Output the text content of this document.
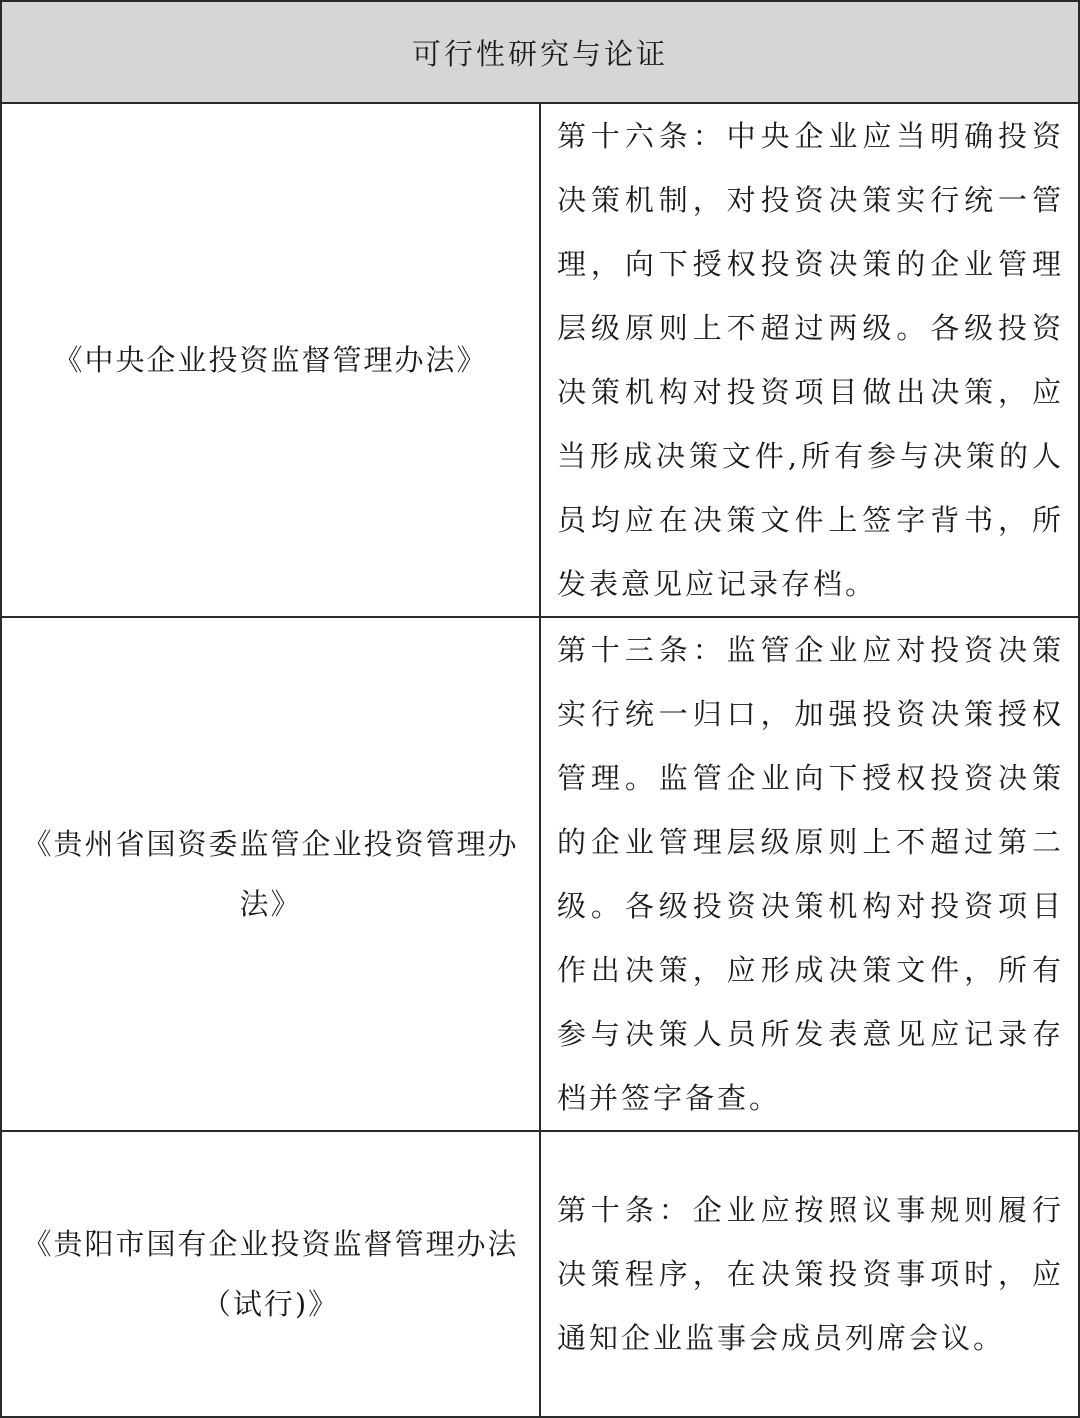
可行性研究与论证	
《中央企业投资监督管理办法》	第十六条：中央企业应当明确投资决策机制，对投资决策实行统一管理，向下授权投资决策的企业管理层级原则上不超过两级。各级投资决策机构对投资项目做出决策，应当形成决策文件,所有参与决策的人员均应在决策文件上签字背书，所发表意见应记录存档。
《贵州省国资委监管企业投资管理办法》	第十三条：监管企业应对投资决策实行统一归口，加强投资决策授权管理。监管企业向下授权投资决策的企业管理层级原则上不超过第二级。各级投资决策机构对投资项目作出决策，应形成决策文件，所有参与决策人员所发表意见应记录存档并签字备查。
《贵阳市国有企业投资监督管理办法（试行)》	第十条：企业应按照议事规则履行决策程序，在决策投资事项时，应通知企业监事会成员列席会议。
